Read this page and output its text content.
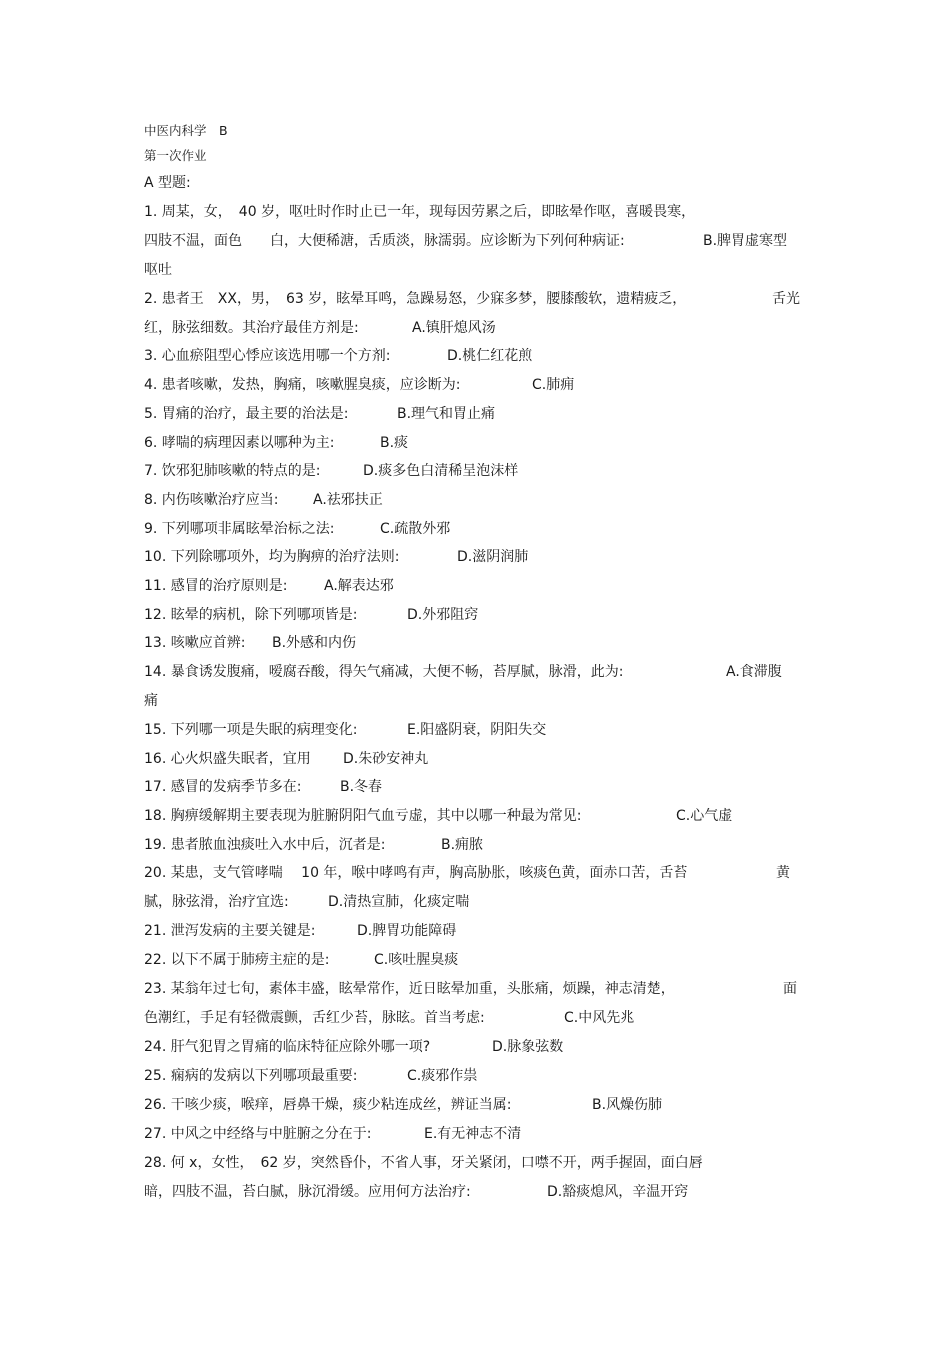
中医内科学　B
第一次作业
A 型题:
1. 周某，女，　40 岁，呕吐时作时止已一年，现每因劳累之后，即眩晕作呕，喜暖畏寒，
四肢不温，面色　　白，大便稀溏，舌质淡，脉濡弱。应诊断为下列何种病证:	B.脾胃虚寒型
呕吐
2. 患者王　XX，男，　63 岁，眩晕耳鸣，急躁易怒，少寐多梦，腰膝酸软，遗精疲乏，	舌光
红，脉弦细数。其治疗最佳方剂是:	A.镇肝熄风汤
3. 心血瘀阻型心悸应该选用哪一个方剂:	D.桃仁红花煎
4. 患者咳嗽，发热，胸痛，咳嗽腥臭痰，应诊断为:	C.肺痈
5. 胃痛的治疗，最主要的治法是:	B.理气和胃止痛
6. 哮喘的病理因素以哪种为主:	B.痰
7. 饮邪犯肺咳嗽的特点的是:	D.痰多色白清稀呈泡沫样
8. 内伤咳嗽治疗应当: A.祛邪扶正
9. 下列哪项非属眩晕治标之法:	C.疏散外邪
10. 下列除哪项外，均为胸痹的治疗法则:	D.滋阴润肺
11. 感冒的治疗原则是:	A.解表达邪
12. 眩晕的病机，除下列哪项皆是:	D.外邪阻窍
13. 咳嗽应首辨: B.外感和内伤
14. 暴食诱发腹痛，嗳腐吞酸，得矢气痛减，大便不畅，苔厚腻，脉滑，此为:	A.食滞腹
痛
15. 下列哪一项是失眠的病理变化:	E.阳盛阴衰，阴阳失交
16. 心火炽盛失眠者，宜用 D.朱砂安神丸
17. 感冒的发病季节多在:	B.冬春
18. 胸痹缓解期主要表现为脏腑阴阳气血亏虚，其中以哪一种最为常见:	C.心气虚
19. 患者脓血浊痰吐入水中后，沉者是:	B.痈脓
20. 某患，支气管哮喘　 10 年，喉中哮鸣有声，胸高胁胀，咳痰色黄，面赤口苦，舌苔	黄
腻，脉弦滑，治疗宜选:	D.清热宣肺，化痰定喘
21. 泄泻发病的主要关键是:	D.脾胃功能障碍
22. 以下不属于肺痨主症的是:	C.咳吐腥臭痰
23. 某翁年过七旬，素体丰盛，眩晕常作，近日眩晕加重，头胀痛，烦躁，神志清楚，	面
色潮红，手足有轻微震颤，舌红少苔，脉眩。首当考虑:	C.中风先兆
24. 肝气犯胃之胃痛的临床特征应除外哪一项?	D.脉象弦数
25. 痫病的发病以下列哪项最重要:	C.痰邪作祟
26. 干咳少痰，喉痒，唇鼻干燥，痰少粘连成丝，辨证当属:	B.风燥伤肺
27. 中风之中经络与中脏腑之分在于:	E.有无神志不清
28. 何 x，女性，　62 岁，突然昏仆，不省人事，牙关紧闭，口噤不开，两手握固，面白唇
暗，四肢不温，苔白腻，脉沉滑缓。应用何方法治疗:	D.豁痰熄风，辛温开窍
